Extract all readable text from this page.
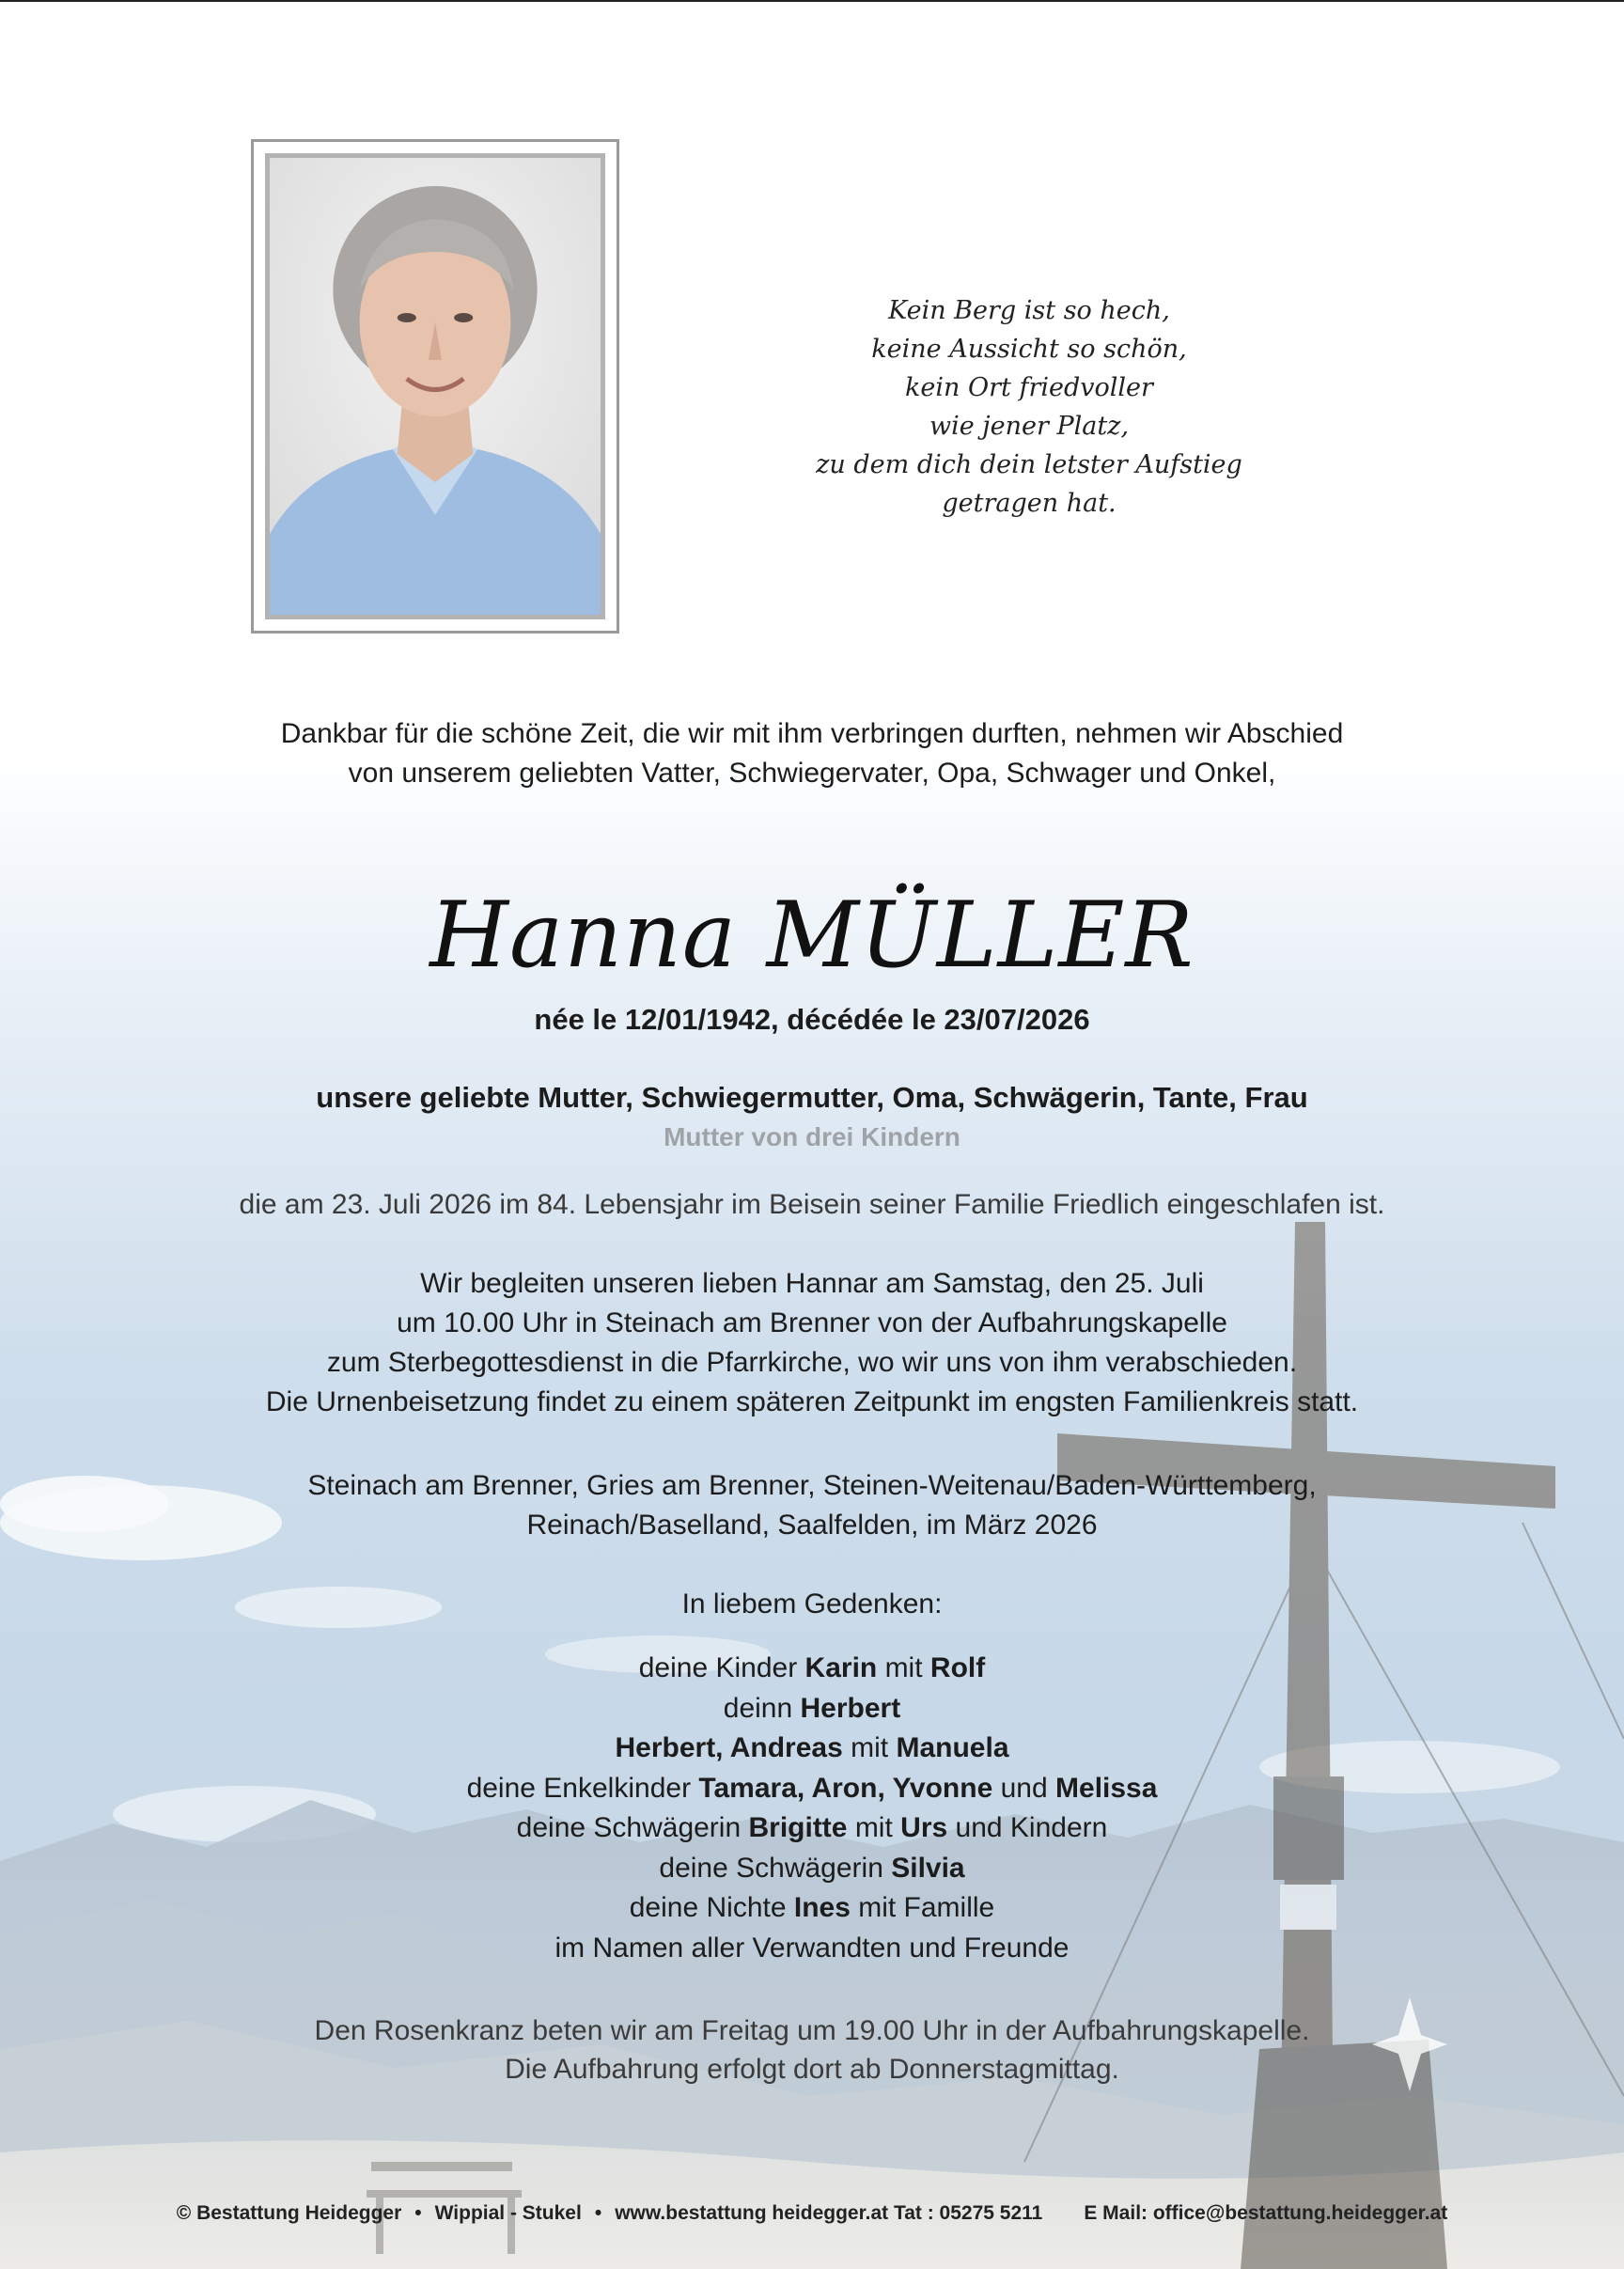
Kein Berg ist so hech,
keine Aussicht so schön,
kein Ort friedvoller
wie jener Platz,
zu dem dich dein letster Aufstieg
getragen hat.
Dankbar für die schöne Zeit, die wir mit ihm verbringen durften, nehmen wir Abschied
von unserem geliebten Vatter, Schwiegervater, Opa, Schwager und Onkel,
Hanna MÜLLER
née le 12/01/1942, décédée le 23/07/2026
unsere geliebte Mutter, Schwiegermutter, Oma, Schwägerin, Tante, Frau
Mutter von drei Kindern
die am 23. Juli 2026 im 84. Lebensjahr im Beisein seiner Familie Friedlich eingeschlafen ist.
Wir begleiten unseren lieben Hannar am Samstag, den 25. Juli
um 10.00 Uhr in Steinach am Brenner von der Aufbahrungskapelle
zum Sterbegottesdienst in die Pfarrkirche, wo wir uns von ihm verabschieden.
Die Urnenbeisetzung findet zu einem späteren Zeitpunkt im engsten Familienkreis statt.
Steinach am Brenner, Gries am Brenner, Steinen-Weitenau/Baden-Württemberg,
Reinach/Baselland, Saalfelden, im März 2026
In liebem Gedenken:
deine Kinder Karin mit Rolf
deinn Herbert
Herbert, Andreas mit Manuela
deine Enkelkinder Tamara, Aron, Yvonne und Melissa
deine Schwägerin Brigitte mit Urs und Kindern
deine Schwägerin Silvia
deine Nichte Ines mit Famille
im Namen aller Verwandten und Freunde
Den Rosenkranz beten wir am Freitag um 19.00 Uhr in der Aufbahrungskapelle.
Die Aufbahrung erfolgt dort ab Donnerstagmittag.
© Bestattung Heidegger • Wippial - Stukel • www.bestattung heidegger.at Tat : 05275 5211 E Mail: office@bestattung.heidegger.at
